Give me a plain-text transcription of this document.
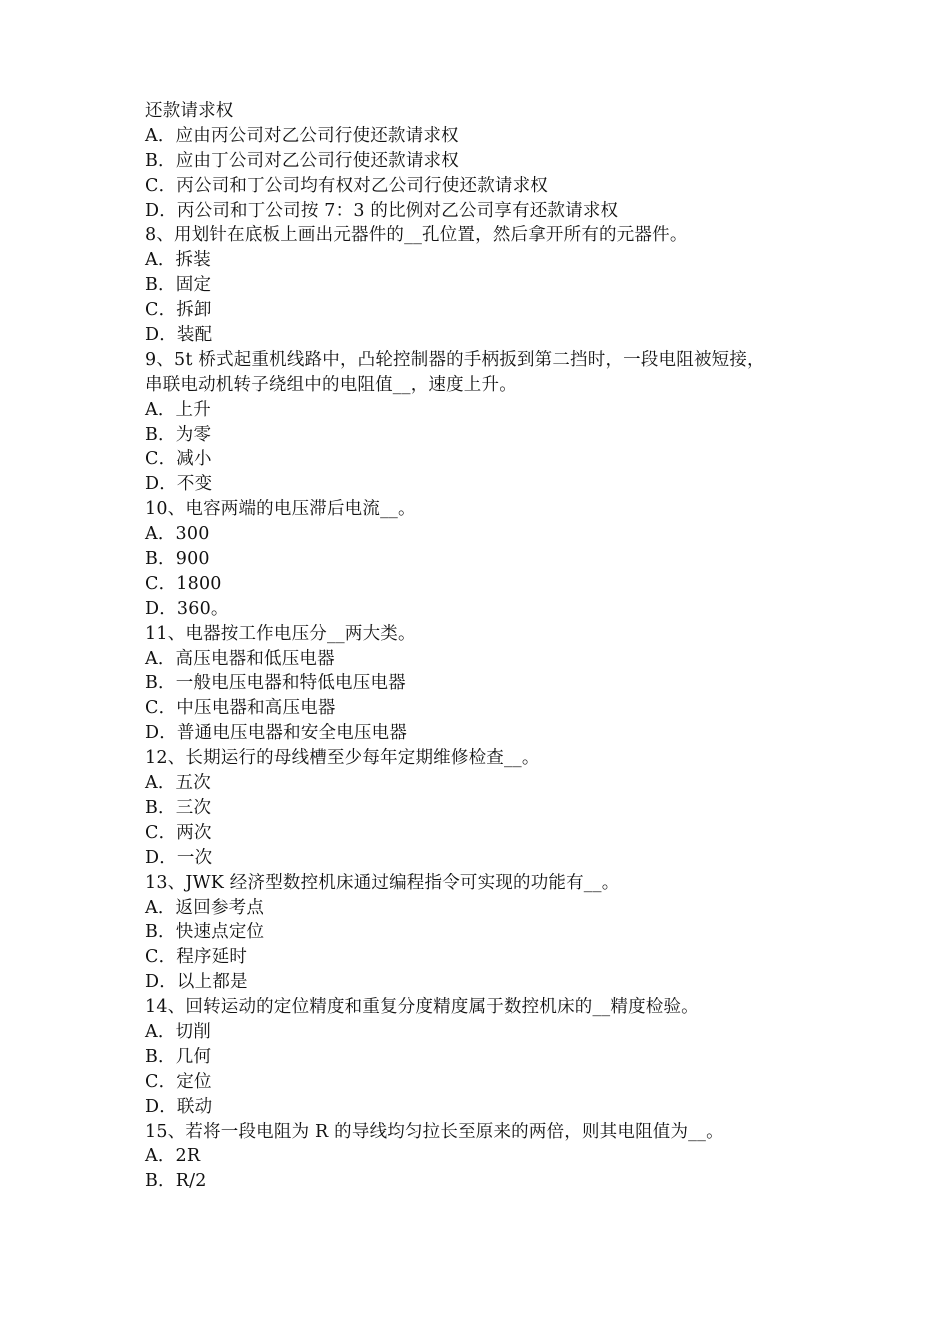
还款请求权
A．应由丙公司对乙公司行使还款请求权
B．应由丁公司对乙公司行使还款请求权
C．丙公司和丁公司均有权对乙公司行使还款请求权
D．丙公司和丁公司按 7：3 的比例对乙公司享有还款请求权
8、用划针在底板上画出元器件的__孔位置，然后拿开所有的元器件。
A．拆装
B．固定
C．拆卸
D．装配
9、5t 桥式起重机线路中，凸轮控制器的手柄扳到第二挡时，一段电阻被短接，
串联电动机转子绕组中的电阻值__，速度上升。
A．上升
B．为零
C．减小
D．不变
10、电容两端的电压滞后电流__。
A．300
B．900
C．1800
D．360。
11、电器按工作电压分__两大类。
A．高压电器和低压电器
B．一般电压电器和特低电压电器
C．中压电器和高压电器
D．普通电压电器和安全电压电器
12、长期运行的母线槽至少每年定期维修检查__。
A．五次
B．三次
C．两次
D．一次
13、JWK 经济型数控机床通过编程指令可实现的功能有__。
A．返回参考点
B．快速点定位
C．程序延时
D．以上都是
14、回转运动的定位精度和重复分度精度属于数控机床的__精度检验。
A．切削
B．几何
C．定位
D．联动
15、若将一段电阻为 R 的导线均匀拉长至原来的两倍，则其电阻值为__。
A．2R
B．R/2
